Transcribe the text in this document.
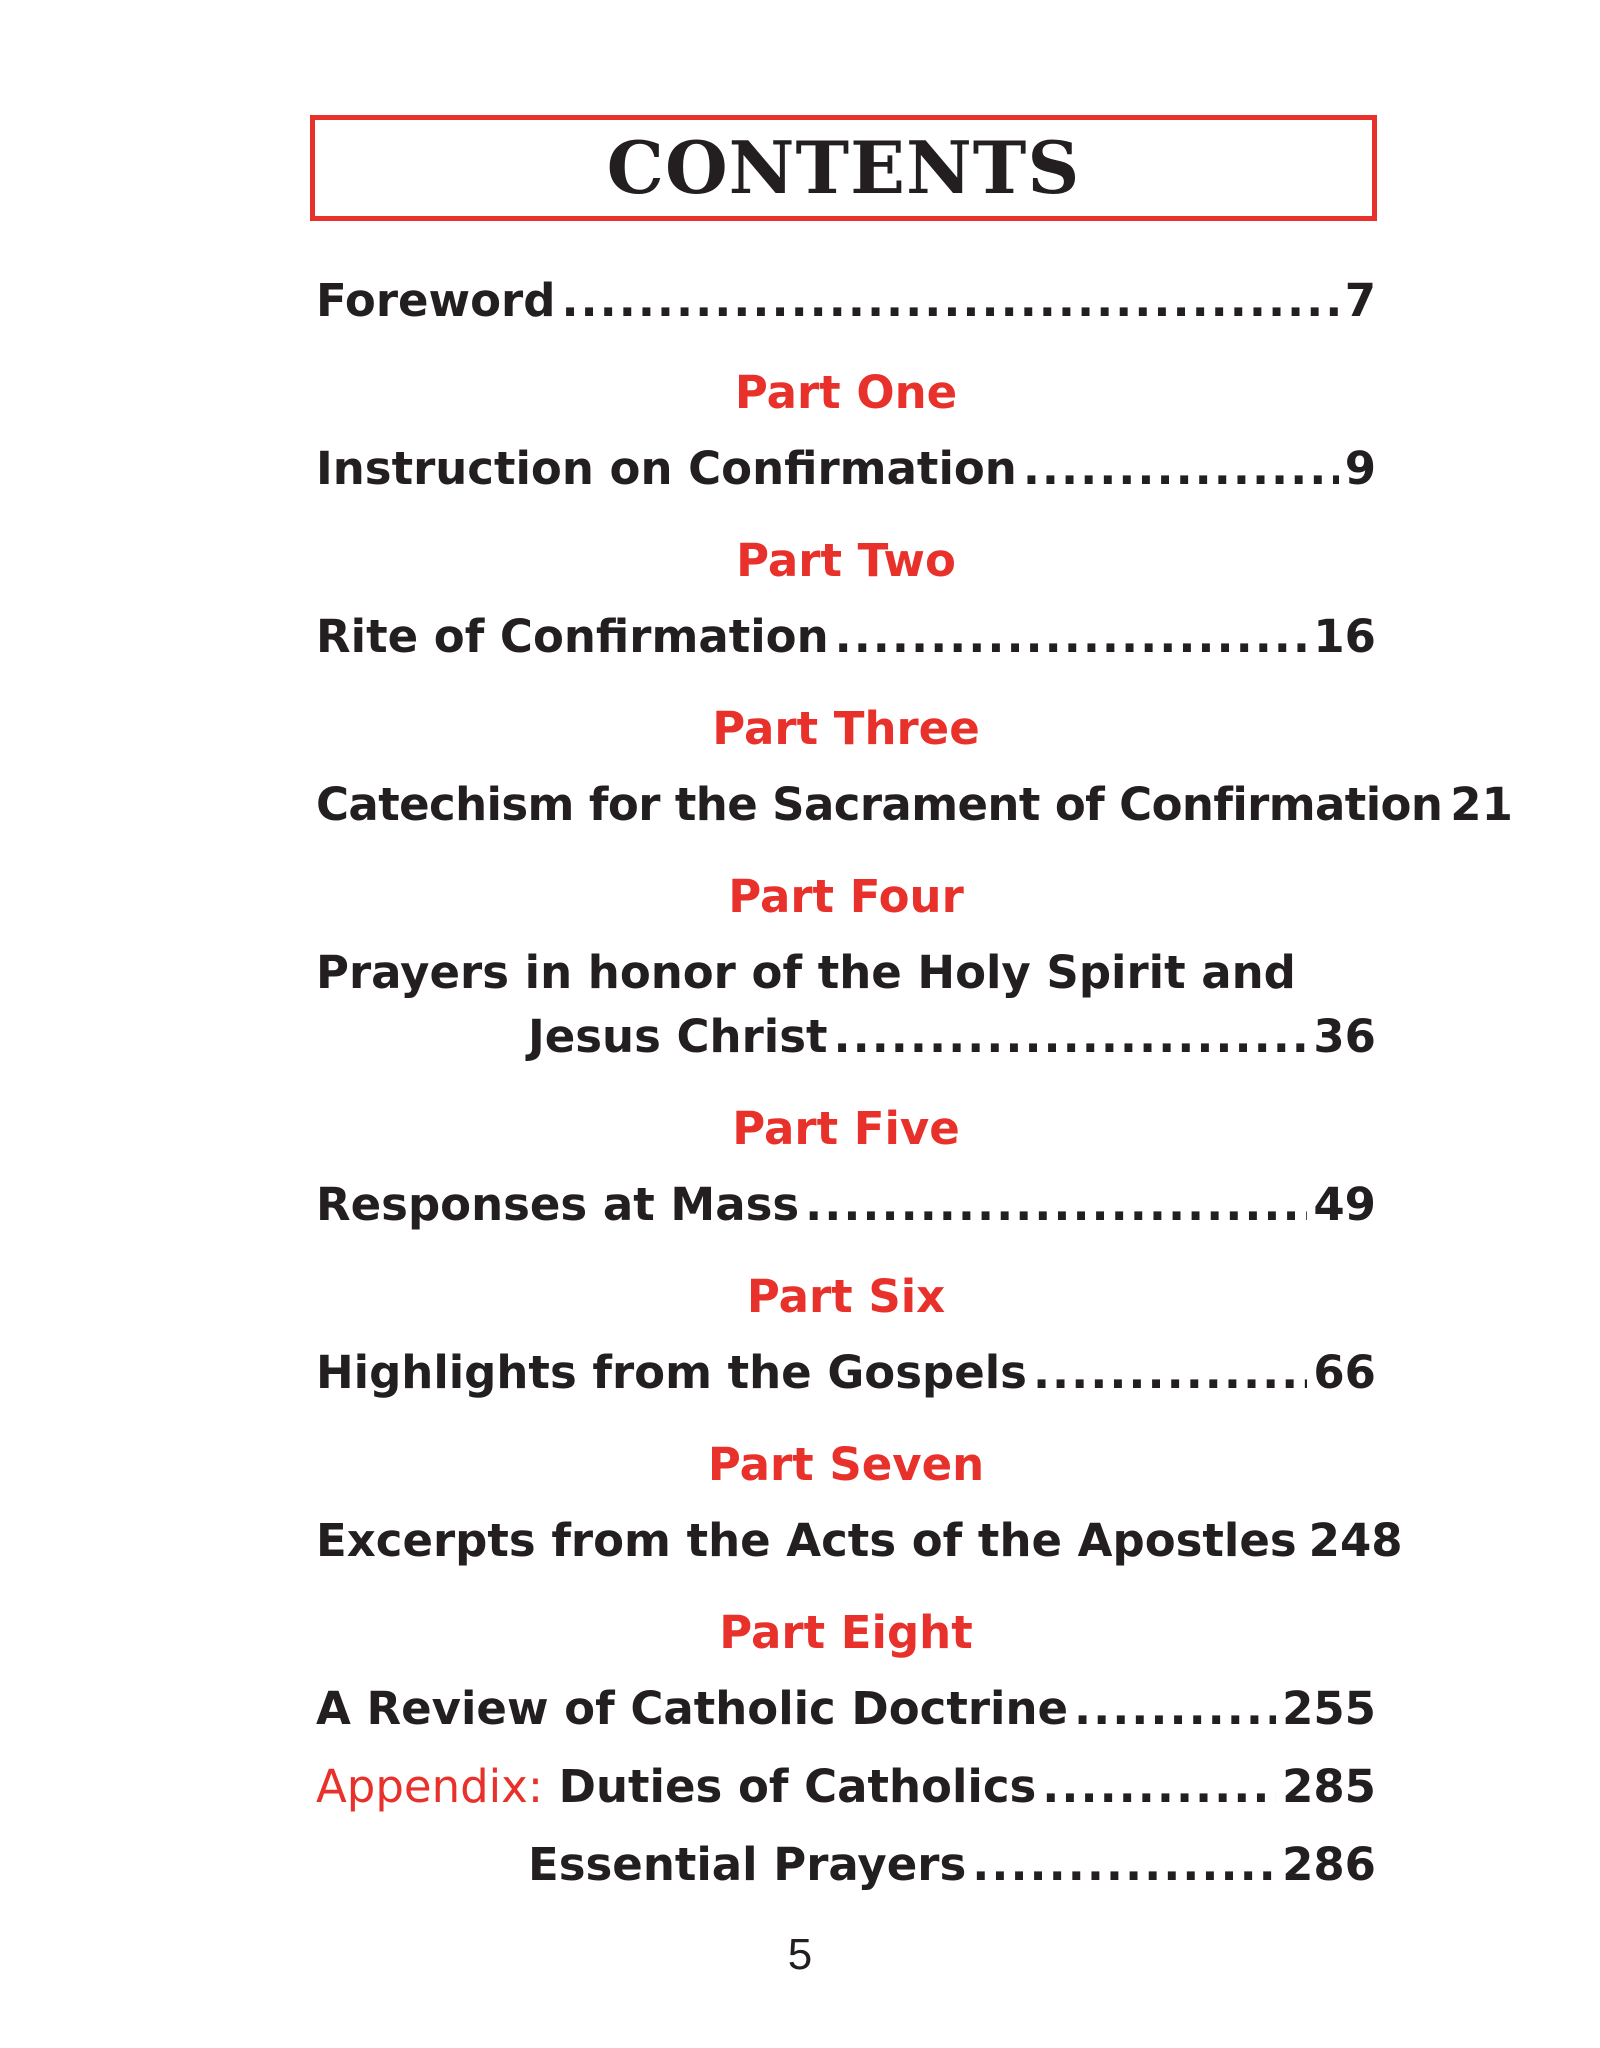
CONTENTS
Foreword .....	7
Part One
Instruction on Confirmation .....	9
Part Two
Rite of Confirmation .....	16
Part Three
Catechism for the Sacrament of Confirmation 21
Part Four
Prayers in honor of the Holy Spirit and
Jesus Christ .....	36
Part Five
Responses at Mass .....	49
Part Six
Highlights from the Gospels .....	66
Part Seven
Excerpts from the Acts of the Apostles 248
Part Eight
A Review of Catholic Doctrine .....	255
Appendix: Duties of Catholics .....	285
Essential Prayers .....	286
5
